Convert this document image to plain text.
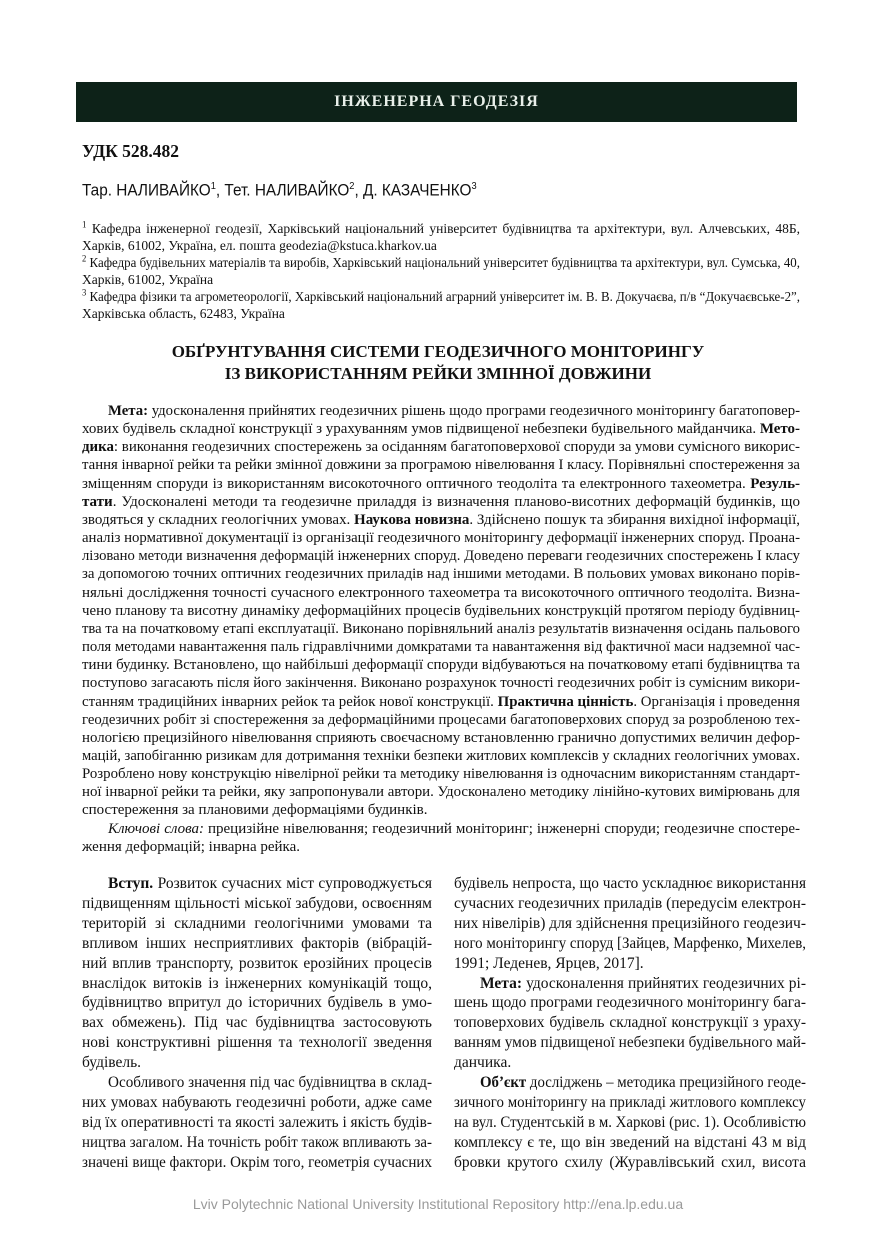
ІНЖЕНЕРНА ГЕОДЕЗІЯ
УДК 528.482
Тар. НАЛИВАЙКО$^1$, Тет. НАЛИВАЙКО$^2$, Д. КАЗАЧЕНКО$^3$
$^1$ Кафедра інженерної геодезії, Харківський національний університет будівництва та архітектури, вул. Алчевських, 48Б,
Харків, 61002, Україна, ел. пошта geodezia@kstuca.kharkov.ua
$^2$ Кафедра будівельних матеріалів та виробів, Харківський національний університет будівництва та архітектури, вул. Сумська, 40,
Харків, 61002, Україна
$^3$ Кафедра фізики та агрометеорології, Харківський національний аграрний університет ім. В. В. Докучаєва, п/в “Докучаєвське-2”,
Харківська область, 62483, Україна
ОБҐРУНТУВАННЯ СИСТЕМИ ГЕОДЕЗИЧНОГО МОНІТОРИНГУ
ІЗ ВИКОРИСТАННЯМ РЕЙКИ ЗМІННОЇ ДОВЖИНИ
Мета: удосконалення прийнятих геодезичних рішень щодо програми геодезичного моніторингу багатоповер-
хових будівель складної конструкції з урахуванням умов підвищеної небезпеки будівельного майданчика. Мето-
дика: виконання геодезичних спостережень за осіданням багатоповерхової споруди за умови сумісного викорис-
тання інварної рейки та рейки змінної довжини за програмою нівелювання І класу. Порівняльні спостереження за
зміщенням споруди із використанням високоточного оптичного теодоліта та електронного тахеометра. Резуль-
тати. Удосконалені методи та геодезичне приладдя із визначення планово-висотних деформацій будинків, що
зводяться у складних геологічних умовах. Наукова новизна. Здійснено пошук та збирання вихідної інформації,
аналіз нормативної документації із організації геодезичного моніторингу деформації інженерних споруд. Проана-
лізовано методи визначення деформацій інженерних споруд. Доведено переваги геодезичних спостережень І класу
за допомогою точних оптичних геодезичних приладів над іншими методами. В польових умовах виконано порів-
няльні дослідження точності сучасного електронного тахеометра та високоточного оптичного теодоліта. Визна-
чено планову та висотну динаміку деформаційних процесів будівельних конструкцій протягом періоду будівниц-
тва та на початковому етапі експлуатації. Виконано порівняльний аналіз результатів визначення осідань пальового
поля методами навантаження паль гідравлічними домкратами та навантаження від фактичної маси надземної час-
тини будинку. Встановлено, що найбільші деформації споруди відбуваються на початковому етапі будівництва та
поступово загасають після його закінчення. Виконано розрахунок точності геодезичних робіт із сумісним викори-
станням традиційних інварних рейок та рейок нової конструкції. Практична цінність. Організація і проведення
геодезичних робіт зі спостереження за деформаційними процесами багатоповерхових споруд за розробленою тех-
нологією прецизійного нівелювання сприяють своєчасному встановленню гранично допустимих величин дефор-
мацій, запобіганню ризикам для дотримання техніки безпеки житлових комплексів у складних геологічних умовах.
Розроблено нову конструкцію нівелірної рейки та методику нівелювання із одночасним використанням стандарт-
ної інварної рейки та рейки, яку запропонували автори. Удосконалено методику лінійно-кутових вимірювань для
спостереження за плановими деформаціями будинків.
Ключові слова: прецизійне нівелювання; геодезичний моніторинг; інженерні споруди; геодезичне спостере-
ження деформацій; інварна рейка.
Вступ. Розвиток сучасних міст супроводжується
підвищенням щільності міської забудови, освоєнням
територій зі складними геологічними умовами та
впливом інших несприятливих факторів (вібрацій-
ний вплив транспорту, розвиток ерозійних процесів
внаслідок витоків із інженерних комунікацій тощо,
будівництво впритул до історичних будівель в умо-
вах обмежень). Під час будівництва застосовують
нові конструктивні рішення та технології зведення
будівель.
Особливого значення під час будівництва в склад-
них умовах набувають геодезичні роботи, адже саме
від їх оперативності та якості залежить і якість будів-
ництва загалом. На точність робіт також впливають за-
значені вище фактори. Окрім того, геометрія сучасних
будівель непроста, що часто ускладнює використання
сучасних геодезичних приладів (передусім електрон-
них нівелірів) для здійснення прецизійного геодезич-
ного моніторингу споруд [Зайцев, Марфенко, Михелев,
1991; Леденев, Ярцев, 2017].
Мета: удосконалення прийнятих геодезичних рі-
шень щодо програми геодезичного моніторингу бага-
топоверхових будівель складної конструкції з ураху-
ванням умов підвищеної небезпеки будівельного май-
данчика.
Об’єкт досліджень – методика прецизійного геоде-
зичного моніторингу на прикладі житлового комплексу
на вул. Студентській в м. Харкові (рис. 1). Особливістю
комплексу є те, що він зведений на відстані 43 м від
бровки крутого схилу (Журавлівський схил, висота
Lviv Polytechnic National University Institutional Repository http://ena.lp.edu.ua
